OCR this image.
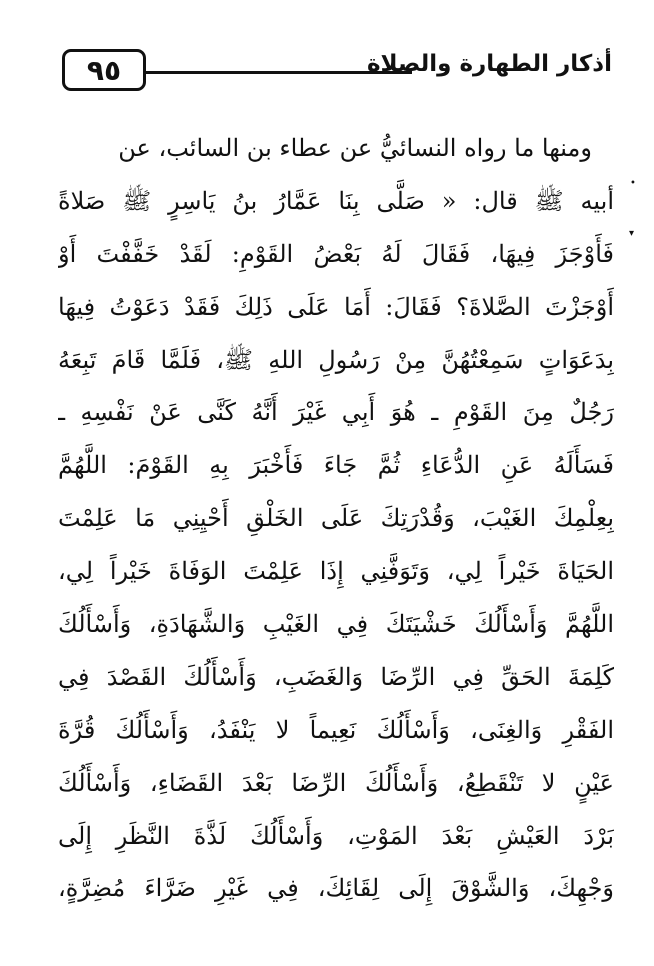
٩٥	أذكار الطهارة والصلاة
ومنها ما رواه النسائيُّ عن عطاء بن السائب، عن
أبيه ﷺ قال: « صَلَّى بِنَا عَمَّارُ بنُ يَاسِرٍ ﷺ صَلاةً
فَأَوْجَزَ فِيهَا، فَقَالَ لَهُ بَعْضُ القَوْمِ: لَقَدْ خَفَّفْتَ أَوْ
أَوْجَزْتَ الصَّلاةَ؟ فَقَالَ: أَمَا عَلَى ذَلِكَ فَقَدْ دَعَوْتُ فِيهَا
بِدَعَوَاتٍ سَمِعْتُهُنَّ مِنْ رَسُولِ اللهِ ﷺ، فَلَمَّا قَامَ تَبِعَهُ
رَجُلٌ مِنَ القَوْمِ ـ هُوَ أَبِي غَيْرَ أَنَّهُ كَنَّى عَنْ نَفْسِهِ ـ
فَسَأَلَهُ عَنِ الدُّعَاءِ ثُمَّ جَاءَ فَأَخْبَرَ بِهِ القَوْمَ: اللَّهُمَّ
بِعِلْمِكَ الغَيْبَ، وَقُدْرَتِكَ عَلَى الخَلْقِ أَحْيِنِي مَا عَلِمْتَ
الحَيَاةَ خَيْراً لِي، وَتَوَفَّنِي إِذَا عَلِمْتَ الوَفَاةَ خَيْراً لِي،
اللَّهُمَّ وَأَسْأَلُكَ خَشْيَتَكَ فِي الغَيْبِ وَالشَّهَادَةِ، وَأَسْأَلُكَ
كَلِمَةَ الحَقِّ فِي الرِّضَا وَالغَضَبِ، وَأَسْأَلُكَ القَصْدَ فِي
الفَقْرِ وَالغِنَى، وَأَسْأَلُكَ نَعِيماً لا يَنْفَدُ، وَأَسْأَلُكَ قُرَّةَ
عَيْنٍ لا تَنْقَطِعُ، وَأَسْأَلُكَ الرِّضَا بَعْدَ القَضَاءِ، وَأَسْأَلُكَ
بَرْدَ العَيْشِ بَعْدَ المَوْتِ، وَأَسْأَلُكَ لَذَّةَ النَّظَرِ إِلَى
وَجْهِكَ، وَالشَّوْقَ إِلَى لِقَائِكَ، فِي غَيْرِ ضَرَّاءَ مُضِرَّةٍ،
•
▾
